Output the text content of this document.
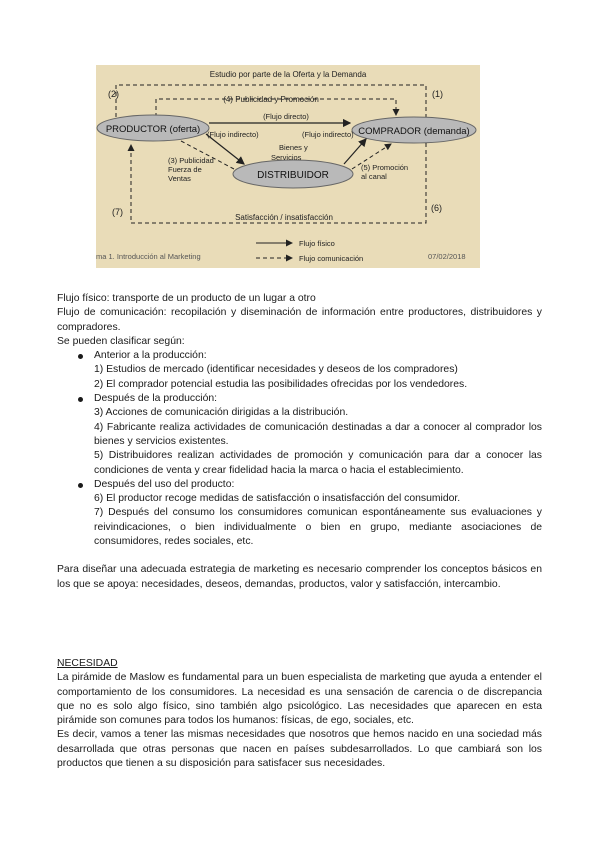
Estudio por parte de la Oferta y la Demanda
(2)	(1)
(4) Publicidad y Promoción
PRODUCTOR (oferta)	COMPRADOR (demanda)
DISTRIBUIDOR
(Flujo directo)
(Flujo indirecto)	(Flujo indirecto)
Bienes y
Servicios
(3) Publicidad
Fuerza de
Ventas
(5) Promoción
al canal
Satisfacción / insatisfacción
(7)	(6)
ma 1. Introducción al Marketing	07/02/2018
Flujo físico
Flujo comunicación

Flujo físico: transporte de un producto de un lugar a otro

Flujo de comunicación: recopilación y diseminación de información entre productores, distribuidores y compradores.

Se pueden clasificar según:

Anterior a la producción:

1) Estudios de mercado (identificar necesidades y deseos de los compradores)

2) El comprador potencial estudia las posibilidades ofrecidas por los vendedores.

Después de la producción:

3) Acciones de comunicación dirigidas a la distribución.

4) Fabricante realiza actividades de comunicación destinadas a dar a conocer al comprador los bienes y servicios existentes.

5) Distribuidores realizan actividades de promoción y comunicación para dar a conocer las condiciones de venta y crear fidelidad hacia la marca o hacia el establecimiento.

Después del uso del producto:

6) El productor recoge medidas de satisfacción o insatisfacción del consumidor.

7) Después del consumo los consumidores comunican espontáneamente sus evaluaciones y reivindicaciones, o bien individualmente o bien en grupo, mediante asociaciones de consumidores, redes sociales, etc.

Para diseñar una adecuada estrategia de marketing es necesario comprender los conceptos básicos en los que se apoya: necesidades, deseos, demandas, productos, valor y satisfacción, intercambio.

NECESIDAD

La pirámide de Maslow es fundamental para un buen especialista de marketing que ayuda a entender el comportamiento de los consumidores. La necesidad es una sensación de carencia o de discrepancia que no es solo algo físico, sino también algo psicológico. Las necesidades que aparecen en esta pirámide son comunes para todos los humanos: físicas, de ego, sociales, etc.

Es decir, vamos a tener las mismas necesidades que nosotros que hemos nacido en una sociedad más desarrollada que otras personas que nacen en países subdesarrollados. Lo que cambiará son los productos que tienen a su disposición para satisfacer sus necesidades.
